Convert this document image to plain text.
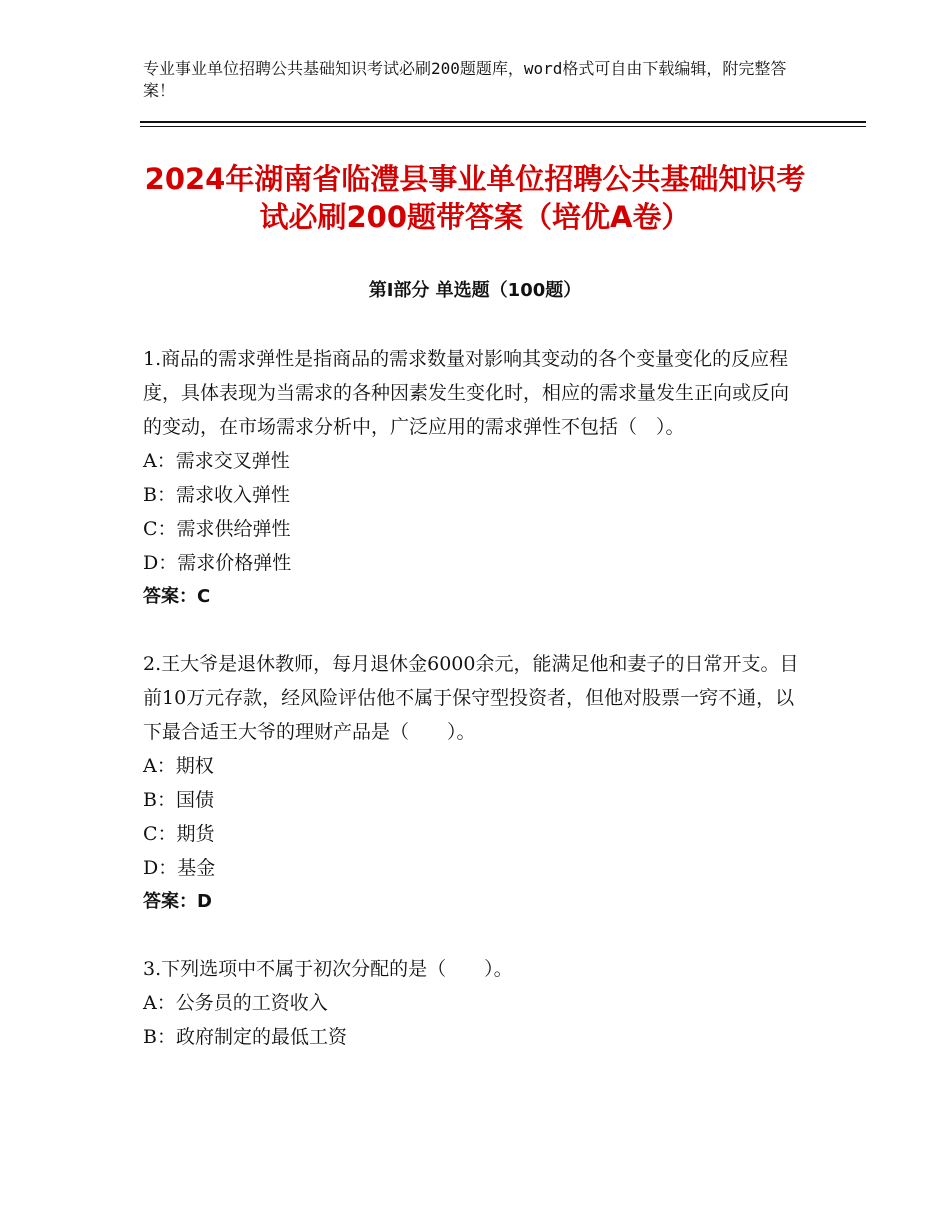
专业事业单位招聘公共基础知识考试必刷200题题库，word格式可自由下载编辑，附完整答案！
2024年湖南省临澧县事业单位招聘公共基础知识考试必刷200题带答案（培优A卷）
第Ⅰ部分 单选题（100题）

1.商品的需求弹性是指商品的需求数量对影响其变动的各个变量变化的反应程度，具体表现为当需求的各种因素发生变化时，相应的需求量发生正向或反向的变动，在市场需求分析中，广泛应用的需求弹性不包括（　）。

A：需求交叉弹性

B：需求收入弹性

C：需求供给弹性

D：需求价格弹性

答案：C

2.王大爷是退休教师，每月退休金6000余元，能满足他和妻子的日常开支。目前10万元存款，经风险评估他不属于保守型投资者，但他对股票一窍不通，以下最合适王大爷的理财产品是（　　）。

A：期权

B：国债

C：期货

D：基金

答案：D

3.下列选项中不属于初次分配的是（　　）。

A：公务员的工资收入

B：政府制定的最低工资
